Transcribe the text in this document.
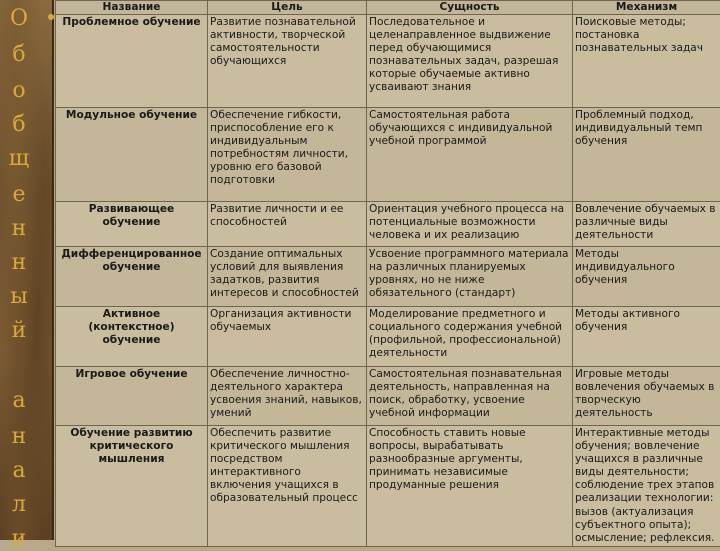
О
б
о
б
щ
е
н
н
ы
й
а
н
а
л
и
Название	Цель	Сущность	Механизм
Проблемное обучение	Развитие познавательной активности, творческой самостоятельности обучающихся	Последовательное и целенаправленное выдвижение перед обучающимися познавательных задач, разрешая которые обучаемые активно усваивают знания	Поисковые методы; постановка познавательных задач
Модульное обучение	Обеспечение гибкости, приспособление его к индивидуальным потребностям личности, уровню его базовой подготовки	Самостоятельная работа обучающихся с индивидуальной учебной программой	Проблемный подход, индивидуальный темп обучения
Развивающее обучение	Развитие личности и ее способностей	Ориентация учебного процесса на потенциальные возможности человека и их реализацию	Вовлечение обучаемых в различные виды деятельности
Дифференцированное обучение	Создание оптимальных условий для выявления задатков, развития интересов и способностей	Усвоение программного материала на различных планируемых уровнях, но не ниже обязательного (стандарт)	Методы индивидуального обучения
Активное (контекстное) обучение	Организация активности обучаемых	Моделирование предметного и социального содержания учебной (профильной, профессиональной) деятельности	Методы активного обучения
Игровое обучение	Обеспечение личностно-деятельного характера усвоения знаний, навыков, умений	Самостоятельная познавательная деятельность, направленная на поиск, обработку, усвоение учебной информации	Игровые методы вовлечения обучаемых в творческую деятельность
Обучение развитию критического мышления	Обеспечить развитие критического мышления посредством интерактивного включения учащихся в образовательный процесс	Способность ставить новые вопросы, вырабатывать разнообразные аргументы, принимать независимые продуманные решения	Интерактивные методы обучения; вовлечение учащихся в различные виды деятельности; соблюдение трех этапов реализации технологии: вызов (актуализация субъектного опыта); осмысление; рефлексия.
